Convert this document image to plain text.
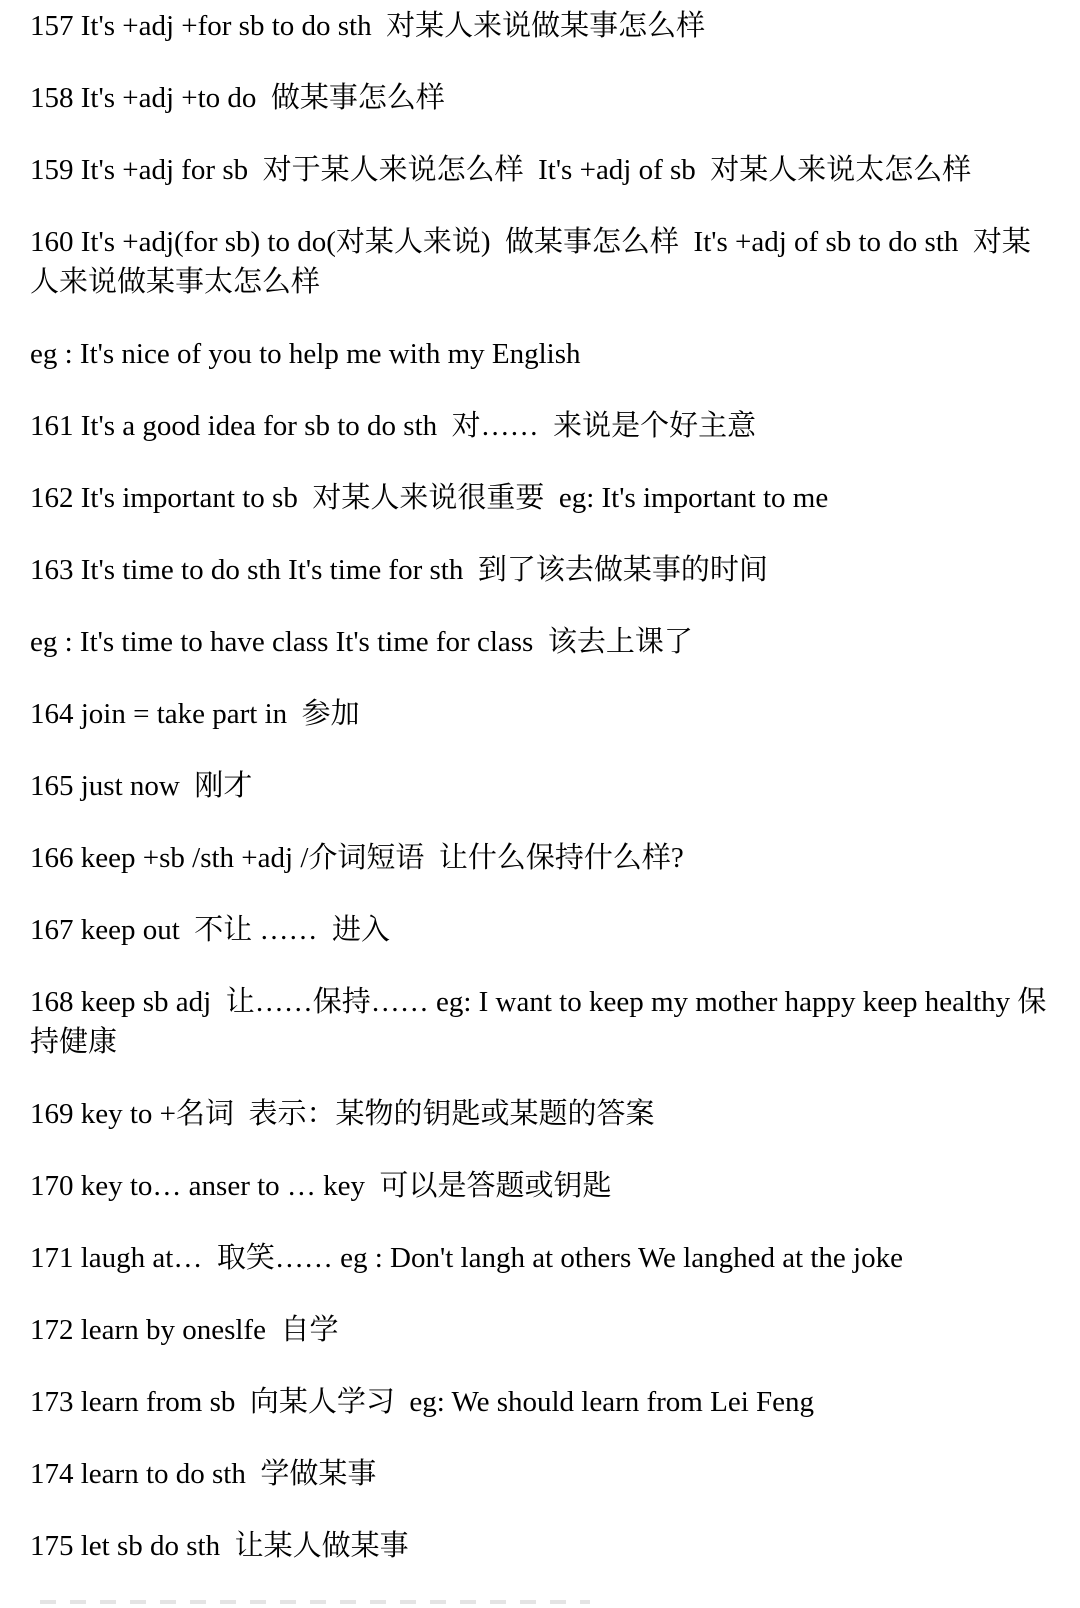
157 It's +adj +for sb to do sth  对某人来说做某事怎么样

158 It's +adj +to do  做某事怎么样

159 It's +adj for sb  对于某人来说怎么样  It's +adj of sb  对某人来说太怎么样

160 It's +adj(for sb) to do(对某人来说)  做某事怎么样  It's +adj of sb to do sth  对某人来说做某事太怎么样

eg : It's nice of you to help me with my English

161 It's a good idea for sb to do sth  对……  来说是个好主意

162 It's important to sb  对某人来说很重要  eg: It's important to me

163 It's time to do sth It's time for sth  到了该去做某事的时间

eg : It's time to have class It's time for class  该去上课了

164 join = take part in  参加

165 just now  刚才

166 keep +sb /sth +adj /介词短语  让什么保持什么样?

167 keep out  不让 ……  进入

168 keep sb adj  让……保持…… eg: I want to keep my mother happy keep healthy 保持健康

169 key to +名词  表示：某物的钥匙或某题的答案

170 key to… anser to … key  可以是答题或钥匙

171 laugh at…  取笑…… eg : Don't langh at others We langhed at the joke

172 learn by oneslfe  自学

173 learn from sb  向某人学习  eg: We should learn from Lei Feng

174 learn to do sth  学做某事

175 let sb do sth  让某人做某事
